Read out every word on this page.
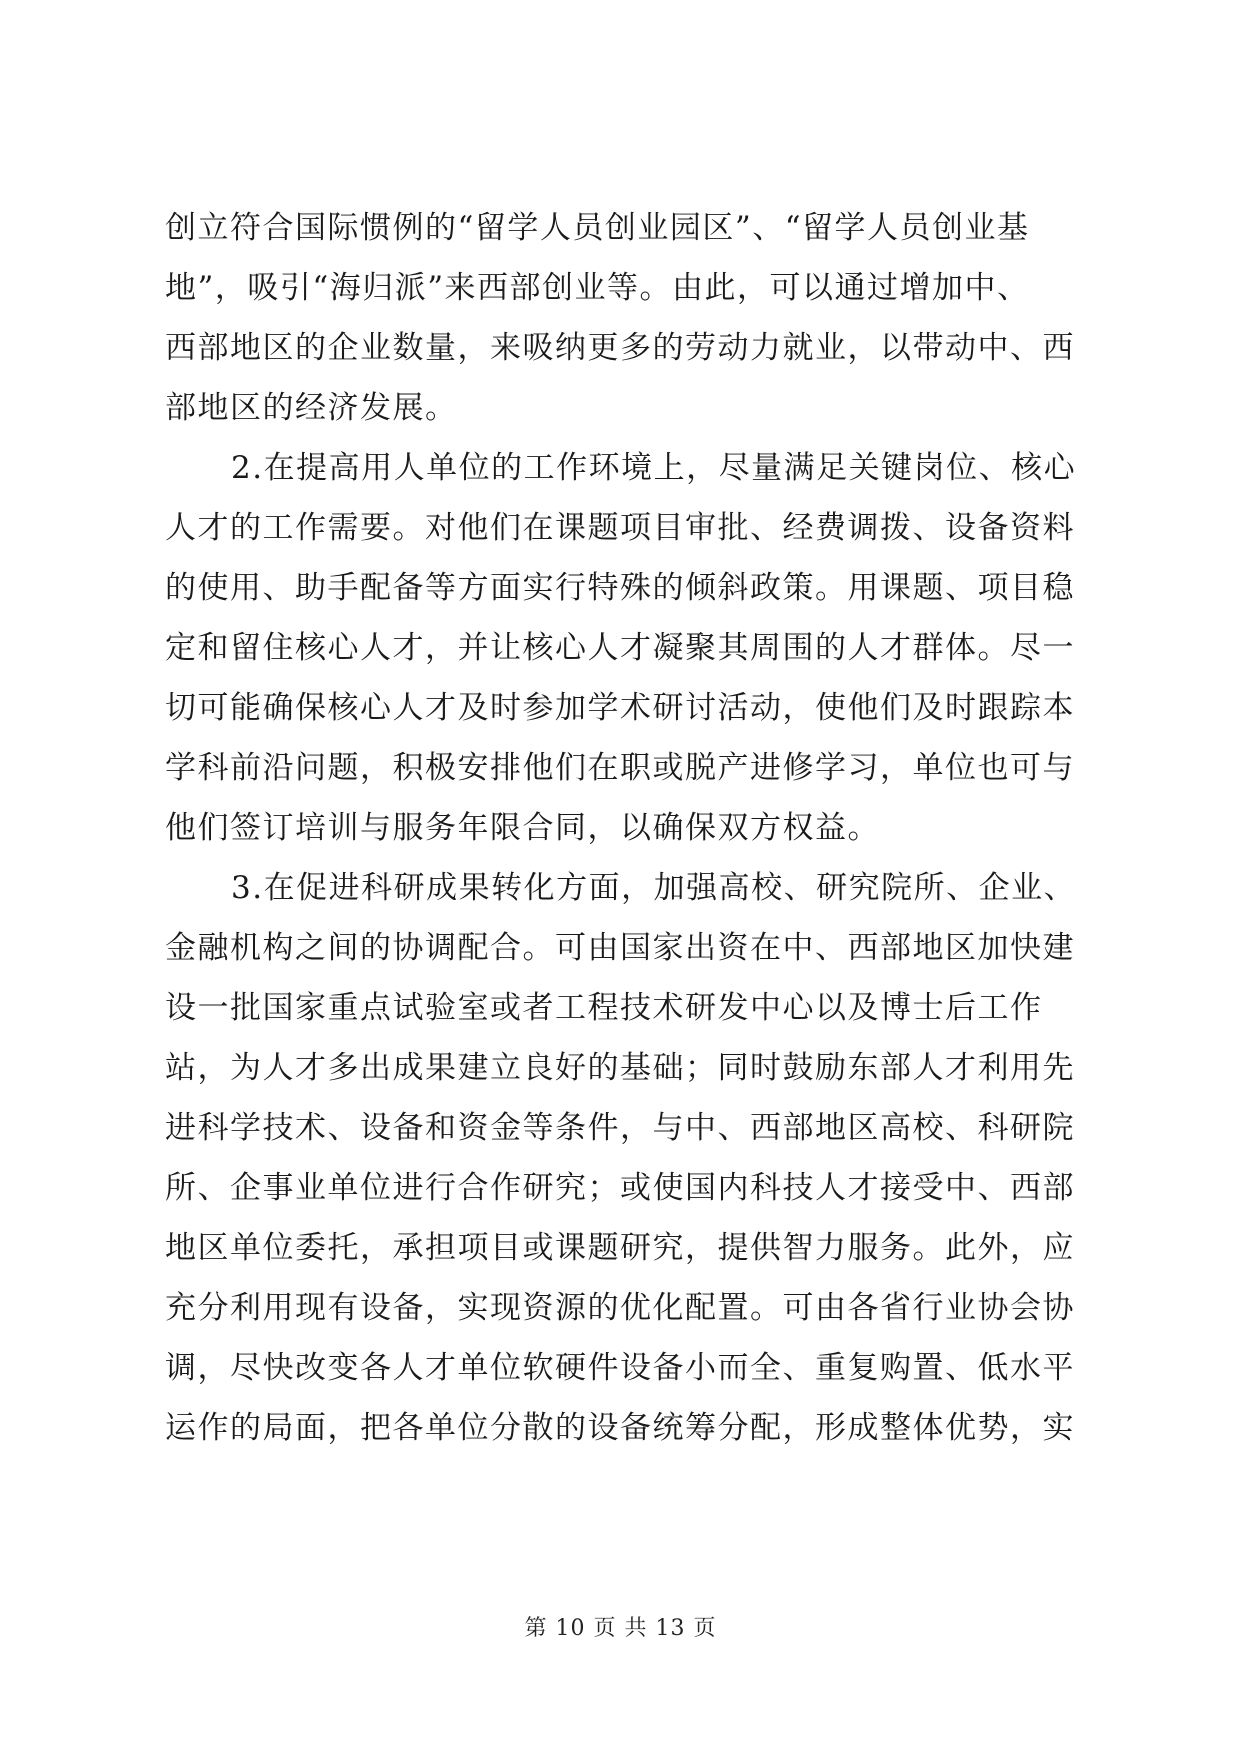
创立符合国际惯例的“留学人员创业园区”、“留学人员创业基
地”，吸引“海归派”来西部创业等。由此，可以通过增加中、
西部地区的企业数量，来吸纳更多的劳动力就业，以带动中、西
部地区的经济发展。
2.在提高用人单位的工作环境上，尽量满足关键岗位、核心
人才的工作需要。对他们在课题项目审批、经费调拨、设备资料
的使用、助手配备等方面实行特殊的倾斜政策。用课题、项目稳
定和留住核心人才，并让核心人才凝聚其周围的人才群体。尽一
切可能确保核心人才及时参加学术研讨活动，使他们及时跟踪本
学科前沿问题，积极安排他们在职或脱产进修学习，单位也可与
他们签订培训与服务年限合同，以确保双方权益。
3.在促进科研成果转化方面，加强高校、研究院所、企业、
金融机构之间的协调配合。可由国家出资在中、西部地区加快建
设一批国家重点试验室或者工程技术研发中心以及博士后工作
站，为人才多出成果建立良好的基础；同时鼓励东部人才利用先
进科学技术、设备和资金等条件，与中、西部地区高校、科研院
所、企事业单位进行合作研究；或使国内科技人才接受中、西部
地区单位委托，承担项目或课题研究，提供智力服务。此外，应
充分利用现有设备，实现资源的优化配置。可由各省行业协会协
调，尽快改变各人才单位软硬件设备小而全、重复购置、低水平
运作的局面，把各单位分散的设备统筹分配，形成整体优势，实
第 10 页 共 13 页
